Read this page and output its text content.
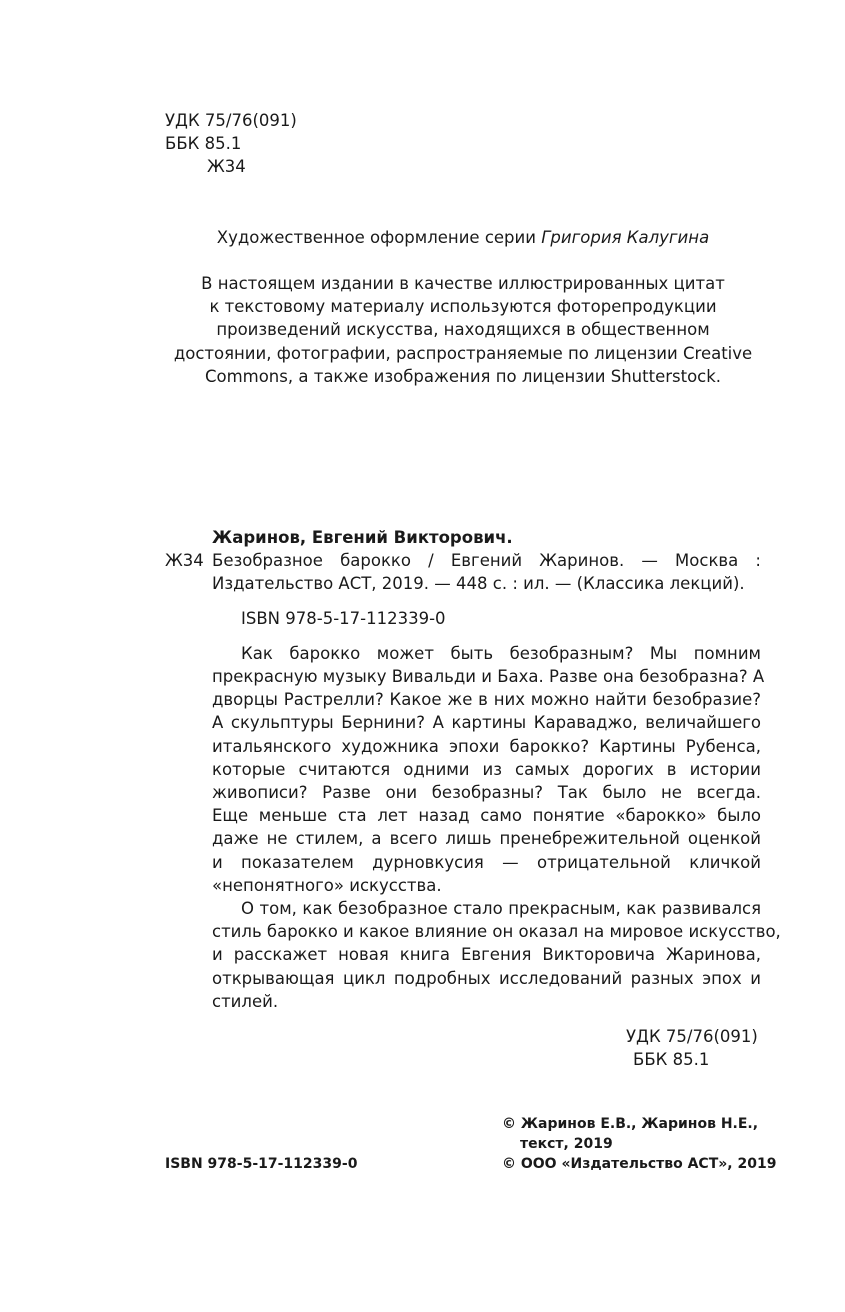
УДК 75/76(091)
ББК 85.1
Ж34
Художественное оформление серии Григория Калугина
В настоящем издании в качестве иллюстрированных цитат
к текстовому материалу используются фоторепродукции
произведений искусства, находящихся в общественном
достоянии, фотографии, распространяемые по лицензии Creative
Commons, а также изображения по лицензии Shutterstock.
Жаринов, Евгений Викторович.
Ж34 Безобразное барокко / Евгений Жаринов. — Москва :
Издательство АСТ, 2019. — 448 с. : ил. — (Классика лекций).
ISBN 978-5-17-112339-0
Как барокко может быть безобразным? Мы помним
прекрасную музыку Вивальди и Баха. Разве она безобразна? А
дворцы Растрелли? Какое же в них можно найти безобразие?
А скульптуры Бернини? А картины Караваджо, величайшего
итальянского художника эпохи барокко? Картины Рубенса,
которые считаются одними из самых дорогих в истории
живописи? Разве они безобразны? Так было не всегда.
Еще меньше ста лет назад само понятие «барокко» было
даже не стилем, а всего лишь пренебрежительной оценкой
и показателем дурновкусия — отрицательной кличкой
«непонятного» искусства.
О том, как безобразное стало прекрасным, как развивался
стиль барокко и какое влияние он оказал на мировое искусство,
и расскажет новая книга Евгения Викторовича Жаринова,
открывающая цикл подробных исследований разных эпох и
стилей.
УДК 75/76(091)
ББК 85.1
ISBN 978-5-17-112339-0
© Жаринов Е.В., Жаринов Н.Е.,
текст, 2019
© ООО «Издательство АСТ», 2019
